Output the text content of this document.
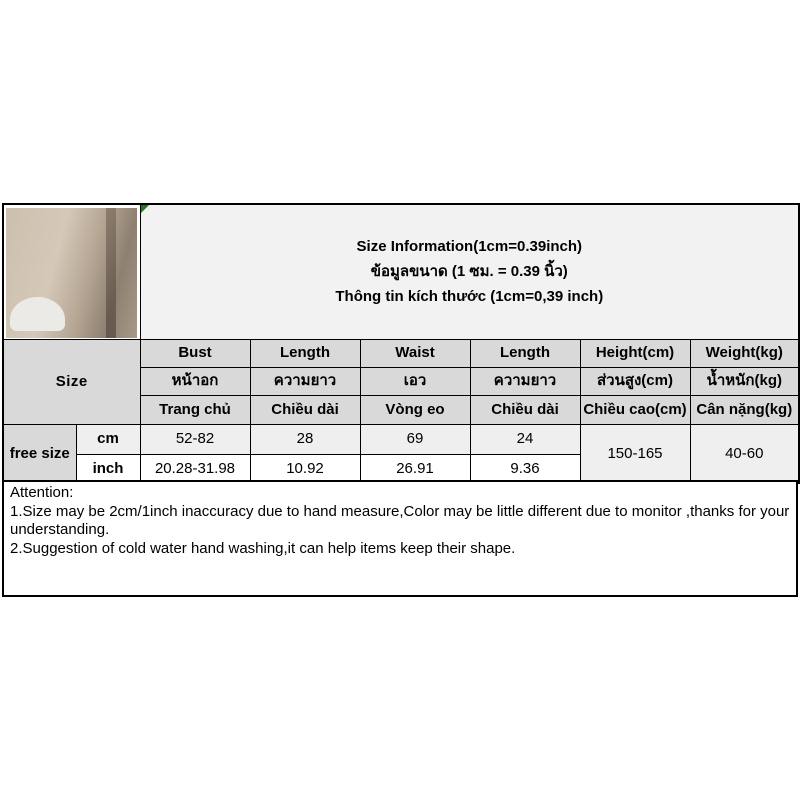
		Size Information(1cm=0.39inch)
ข้อมูลขนาด (1 ซม. = 0.39 นิ้ว)
Thông tin kích thước (1cm=0,39 inch)					

Size		Bust	Length	Waist	Length	Height(cm)	Weight(kg)
		หน้าอก	ความยาว	เอว	ความยาว	ส่วนสูง(cm)	น้ำหนัก(kg)
		Trang chủ	Chiều dài	Vòng eo	Chiều dài	Chiều cao(cm)	Cân nặng(kg)
free size	cm	52-82	28	69	24	150-165	40-60
	inch	20.28-31.98	10.92	26.91	9.36		
Attention:
1.Size may be 2cm/1inch inaccuracy due to hand measure,Color may be little different due to monitor ,thanks for your understanding.
2.Suggestion of cold water hand washing,it can help items keep their shape.
